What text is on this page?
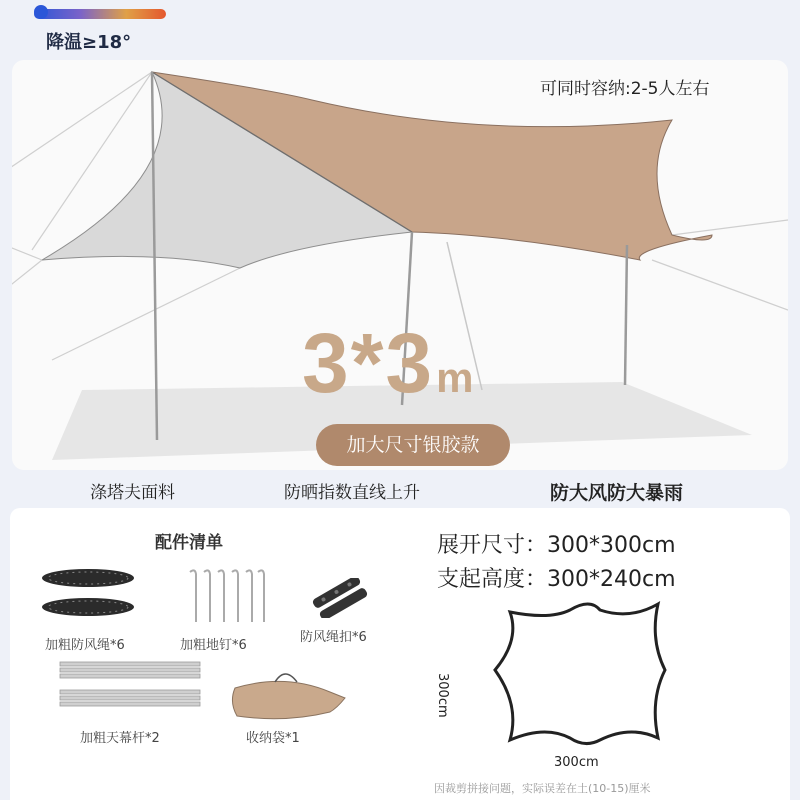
降温≥18°
可同时容纳:2-5人左右
3*3m
加大尺寸银胶款
涤塔夫面料	防晒指数直线上升	防大风防大暴雨
配件清单
加粗防风绳*6	加粗地钉*6
防风绳扣*6
加粗天幕杆*2	收纳袋*1
展开尺寸：300*300cm
支起高度：300*240cm
300cm
300cm
因裁剪拼接问题，实际误差在土(10-15)厘米
